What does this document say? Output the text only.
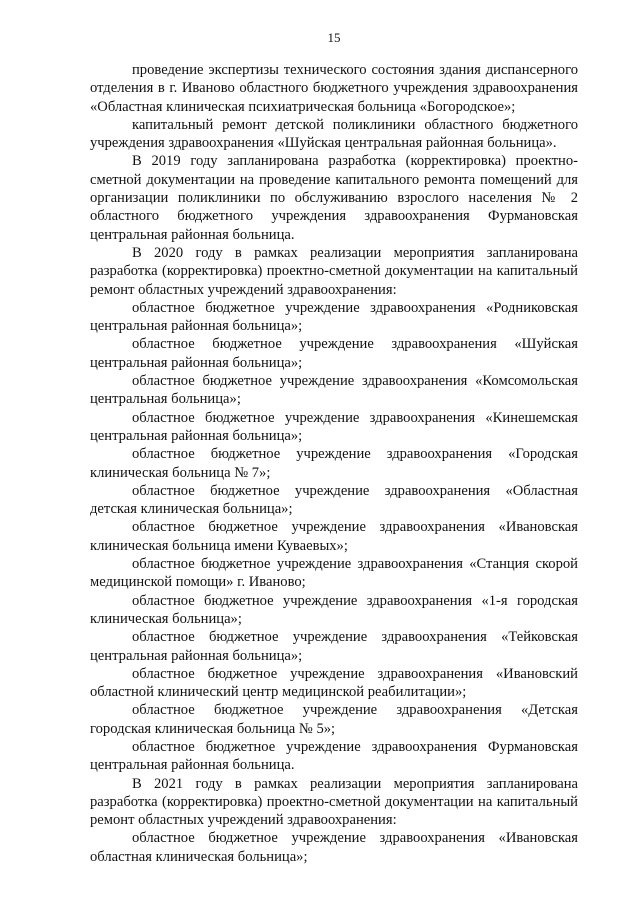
15

проведение экспертизы технического состояния здания диспансерного отделения в г. Иваново областного бюджетного учреждения здравоохранения «Областная клиническая психиатрическая больница «Богородское»;

капитальный ремонт детской поликлиники областного бюджетного учреждения здравоохранения «Шуйская центральная районная больница».

В 2019 году запланирована разработка (корректировка) проектно-сметной документации на проведение капитального ремонта помещений для организации поликлиники по обслуживанию взрослого населения № 2 областного бюджетного учреждения здравоохранения Фурмановская центральная районная больница.

В 2020 году в рамках реализации мероприятия запланирована разработка (корректировка) проектно-сметной документации на капитальный ремонт областных учреждений здравоохранения:

областное бюджетное учреждение здравоохранения «Родниковская центральная районная больница»;

областное бюджетное учреждение здравоохранения «Шуйская центральная районная больница»;

областное бюджетное учреждение здравоохранения «Комсомольская центральная больница»;

областное бюджетное учреждение здравоохранения «Кинешемская центральная районная больница»;

областное бюджетное учреждение здравоохранения «Городская клиническая больница № 7»;

областное бюджетное учреждение здравоохранения «Областная детская клиническая больница»;

областное бюджетное учреждение здравоохранения «Ивановская клиническая больница имени Куваевых»;

областное бюджетное учреждение здравоохранения «Станция скорой медицинской помощи» г. Иваново;

областное бюджетное учреждение здравоохранения «1-я городская клиническая больница»;

областное бюджетное учреждение здравоохранения «Тейковская центральная районная больница»;

областное бюджетное учреждение здравоохранения «Ивановский областной клинический центр медицинской реабилитации»;

областное бюджетное учреждение здравоохранения «Детская городская клиническая больница № 5»;

областное бюджетное учреждение здравоохранения Фурмановская центральная районная больница.

В 2021 году в рамках реализации мероприятия запланирована разработка (корректировка) проектно-сметной документации на капитальный ремонт областных учреждений здравоохранения:

областное бюджетное учреждение здравоохранения «Ивановская областная клиническая больница»;
